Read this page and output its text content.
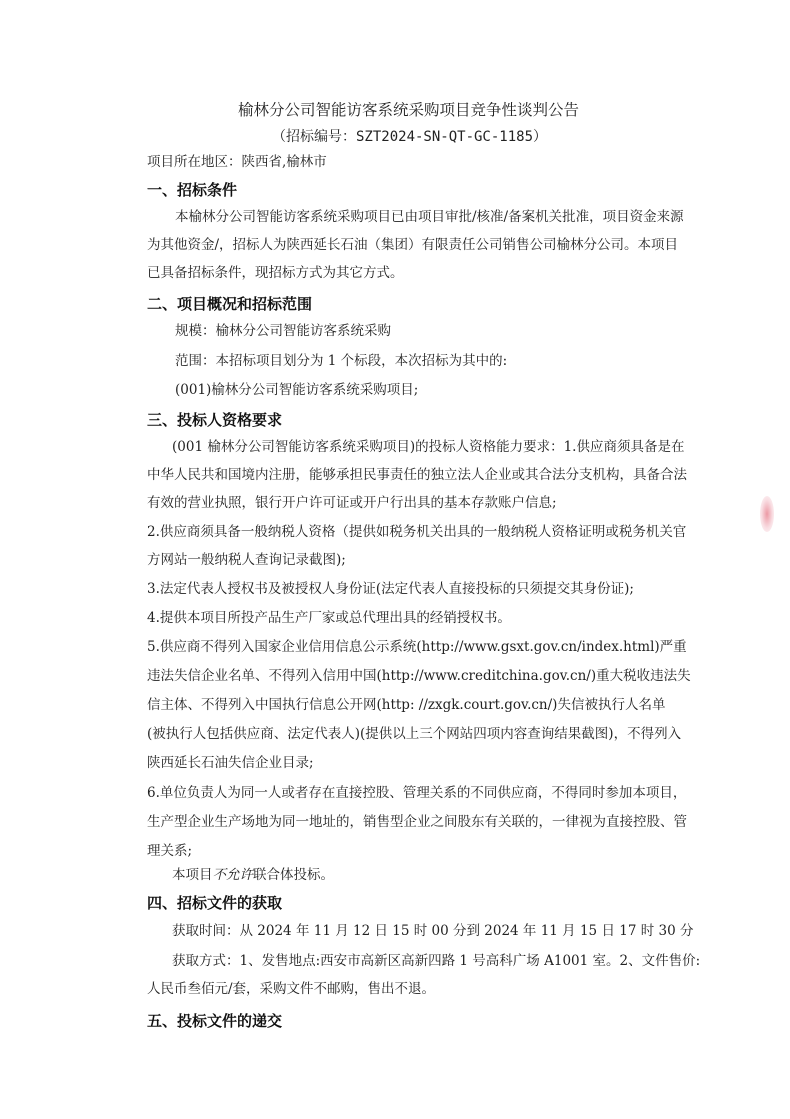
榆林分公司智能访客系统采购项目竞争性谈判公告
（招标编号：SZT2024-SN-QT-GC-1185）
项目所在地区：陕西省,榆林市
一、招标条件
本榆林分公司智能访客系统采购项目已由项目审批/核准/备案机关批准，项目资金来源
为其他资金/，招标人为陕西延长石油（集团）有限责任公司销售公司榆林分公司。本项目
已具备招标条件，现招标方式为其它方式。
二、项目概况和招标范围
规模：榆林分公司智能访客系统采购
范围：本招标项目划分为 1 个标段，本次招标为其中的:
(001)榆林分公司智能访客系统采购项目;
三、投标人资格要求
(001 榆林分公司智能访客系统采购项目)的投标人资格能力要求：1.供应商须具备是在
中华人民共和国境内注册，能够承担民事责任的独立法人企业或其合法分支机构，具备合法
有效的营业执照，银行开户许可证或开户行出具的基本存款账户信息;
2.供应商须具备一般纳税人资格（提供如税务机关出具的一般纳税人资格证明或税务机关官
方网站一般纳税人查询记录截图);
3.法定代表人授权书及被授权人身份证(法定代表人直接投标的只须提交其身份证);
4.提供本项目所投产品生产厂家或总代理出具的经销授权书。
5.供应商不得列入国家企业信用信息公示系统(http://www.gsxt.gov.cn/index.html)严重
违法失信企业名单、不得列入信用中国(http://www.creditchina.gov.cn/)重大税收违法失
信主体、不得列入中国执行信息公开网(http: //zxgk.court.gov.cn/)失信被执行人名单
(被执行人包括供应商、法定代表人)(提供以上三个网站四项内容查询结果截图)，不得列入
陕西延长石油失信企业目录;
6.单位负责人为同一人或者存在直接控股、管理关系的不同供应商，不得同时参加本项目，
生产型企业生产场地为同一地址的，销售型企业之间股东有关联的，一律视为直接控股、管
理关系;
本项目不允许联合体投标。
四、招标文件的获取
获取时间：从 2024 年 11 月 12 日 15 时 00 分到 2024 年 11 月 15 日 17 时 30 分
获取方式：1、发售地点:西安市高新区高新四路 1 号高科广场 A1001 室。2、文件售价:
人民币叁佰元/套，采购文件不邮购，售出不退。
五、投标文件的递交
